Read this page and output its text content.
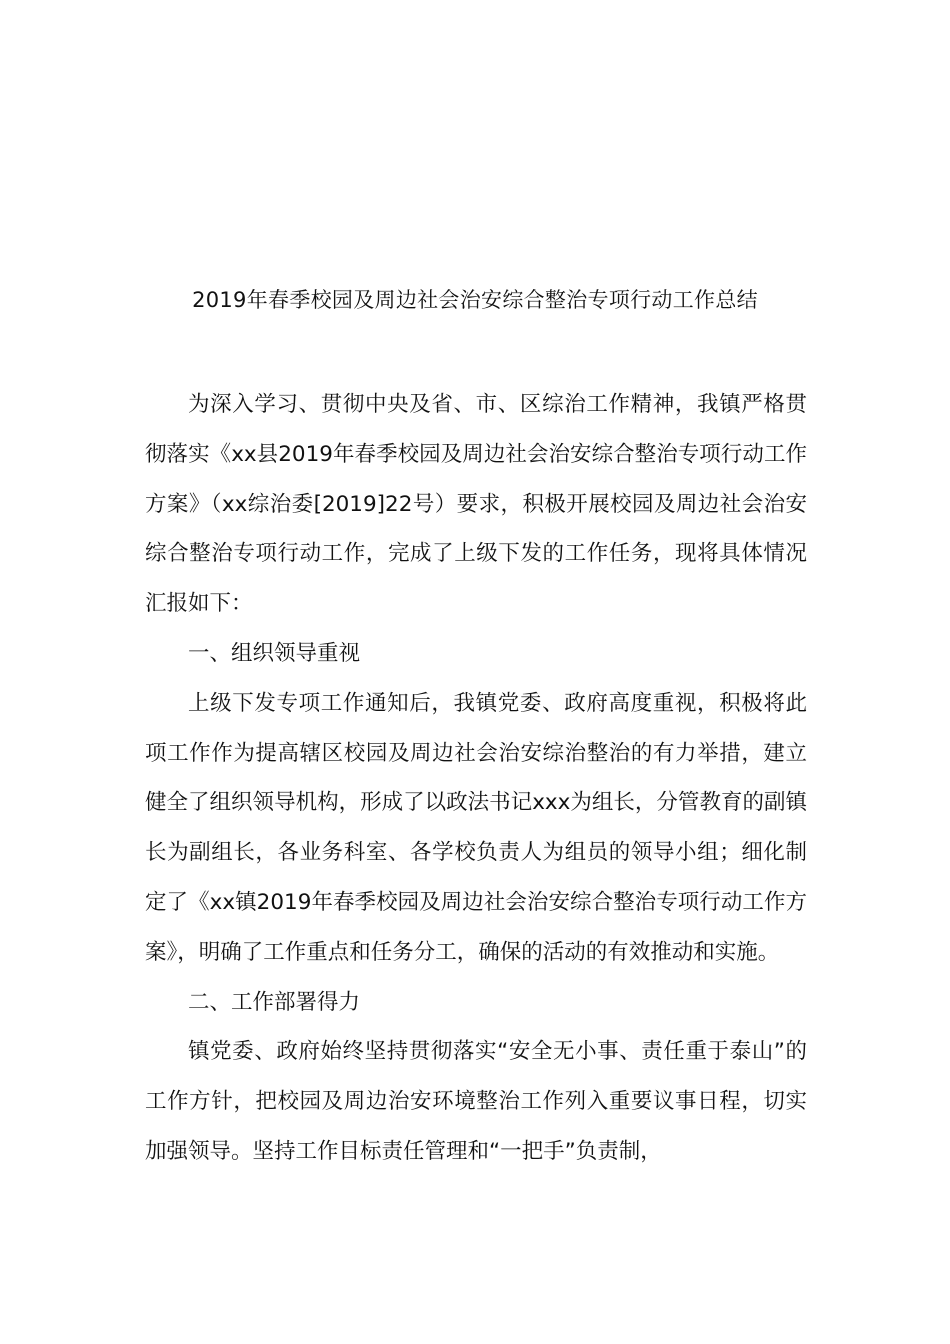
2019年春季校园及周边社会治安综合整治专项行动工作总结

为深入学习、贯彻中央及省、市、区综治工作精神，我镇严格贯彻落实《xx县2019年春季校园及周边社会治安综合整治专项行动工作方案》（xx综治委[2019]22号）要求，积极开展校园及周边社会治安综合整治专项行动工作，完成了上级下发的工作任务，现将具体情况汇报如下：

一、组织领导重视

上级下发专项工作通知后，我镇党委、政府高度重视，积极将此项工作作为提高辖区校园及周边社会治安综治整治的有力举措，建立健全了组织领导机构，形成了以政法书记xxx为组长，分管教育的副镇长为副组长，各业务科室、各学校负责人为组员的领导小组；细化制定了《xx镇2019年春季校园及周边社会治安综合整治专项行动工作方案》，明确了工作重点和任务分工，确保的活动的有效推动和实施。

二、工作部署得力

镇党委、政府始终坚持贯彻落实“安全无小事、责任重于泰山”的工作方针，把校园及周边治安环境整治工作列入重要议事日程，切实加强领导。坚持工作目标责任管理和“一把手”负责制，
